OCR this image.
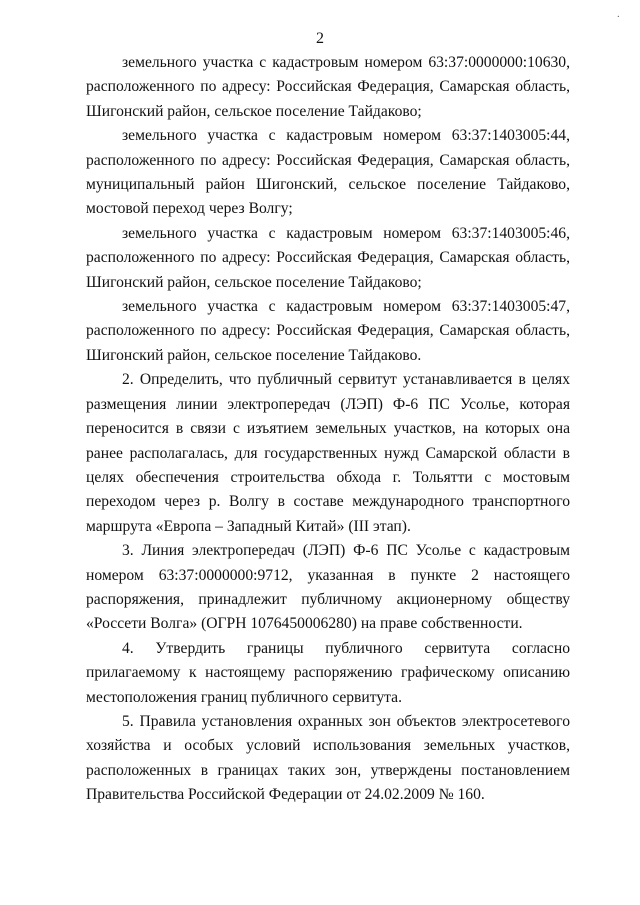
·
2

земельного участка с кадастровым номером 63:37:0000000:10630, расположенного по адресу: Российская Федерация, Самарская область, Шигонский район, сельское поселение Тайдаково;

земельного участка с кадастровым номером 63:37:1403005:44, расположенного по адресу: Российская Федерация, Самарская область, муниципальный район Шигонский, сельское поселение Тайдаково, мостовой переход через Волгу;

земельного участка с кадастровым номером 63:37:1403005:46, расположенного по адресу: Российская Федерация, Самарская область, Шигонский район, сельское поселение Тайдаково;

земельного участка с кадастровым номером 63:37:1403005:47, расположенного по адресу: Российская Федерация, Самарская область, Шигонский район, сельское поселение Тайдаково.

2. Определить, что публичный сервитут устанавливается в целях размещения линии электропередач (ЛЭП) Ф-6 ПС Усолье, которая переносится в связи с изъятием земельных участков, на которых она ранее располагалась, для государственных нужд Самарской области в целях обеспечения строительства обхода г. Тольятти с мостовым переходом через р. Волгу в составе международного транспортного маршрута «Европа – Западный Китай» (III этап).

3. Линия электропередач (ЛЭП) Ф-6 ПС Усолье с кадастровым номером 63:37:0000000:9712, указанная в пункте 2 настоящего распоряжения, принадлежит публичному акционерному обществу «Россети Волга» (ОГРН 1076450006280) на праве собственности.

4. Утвердить границы публичного сервитута согласно прилагаемому к настоящему распоряжению графическому описанию местоположения границ публичного сервитута.

5. Правила установления охранных зон объектов электросетевого хозяйства и особых условий использования земельных участков, расположенных в границах таких зон, утверждены постановлением Правительства Российской Федерации от 24.02.2009 № 160.
